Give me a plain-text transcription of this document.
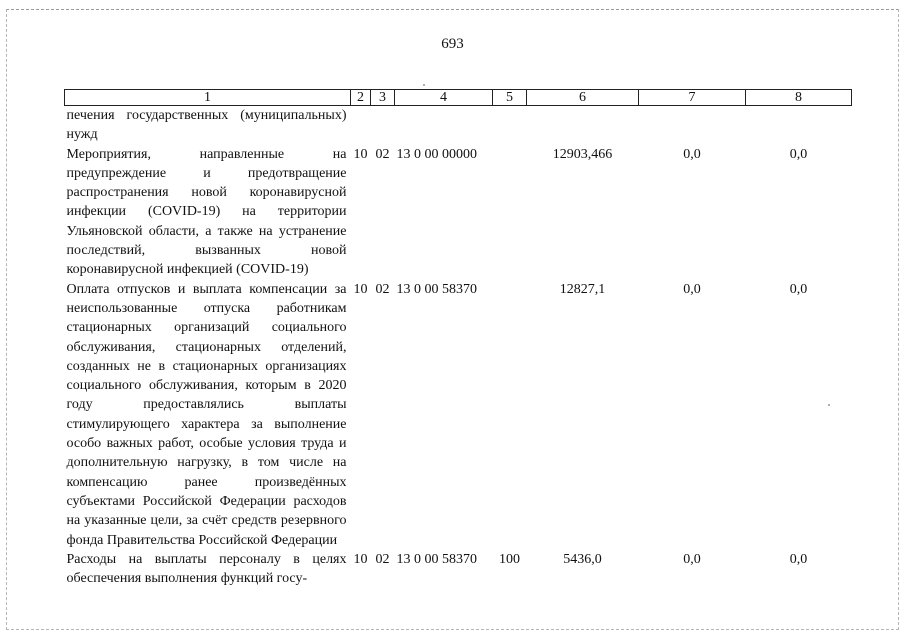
693
1	2	3	4	5	6	7	8
печения государственных (муниципальных) нужд							
Мероприятия, направленные на предупреждение и предотвращение распространения новой коронавирусной инфекции (COVID-19) на территории Ульяновской области, а также на устранение последствий, вызванных новой коронавирусной инфекцией (COVID-19)	10	02	13 0 00 00000		12903,466	0,0	0,0
Оплата отпусков и выплата компенсации за неиспользованные отпуска работникам стационарных организаций социального обслуживания, стационарных отделений, созданных не в стационарных организациях социального обслуживания, которым в 2020 году предоставлялись выплаты стимулирующего характера за выполнение особо важных работ, особые условия труда и дополнительную нагрузку, в том числе на компенсацию ранее произведённых субъектами Российской Федерации расходов на указанные цели, за счёт средств резервного фонда Правительства Российской Федерации	10	02	13 0 00 58370		12827,1	0,0	0,0
Расходы на выплаты персоналу в целях обеспечения выполнения функций госу-	10	02	13 0 00 58370	100	5436,0	0,0	0,0
